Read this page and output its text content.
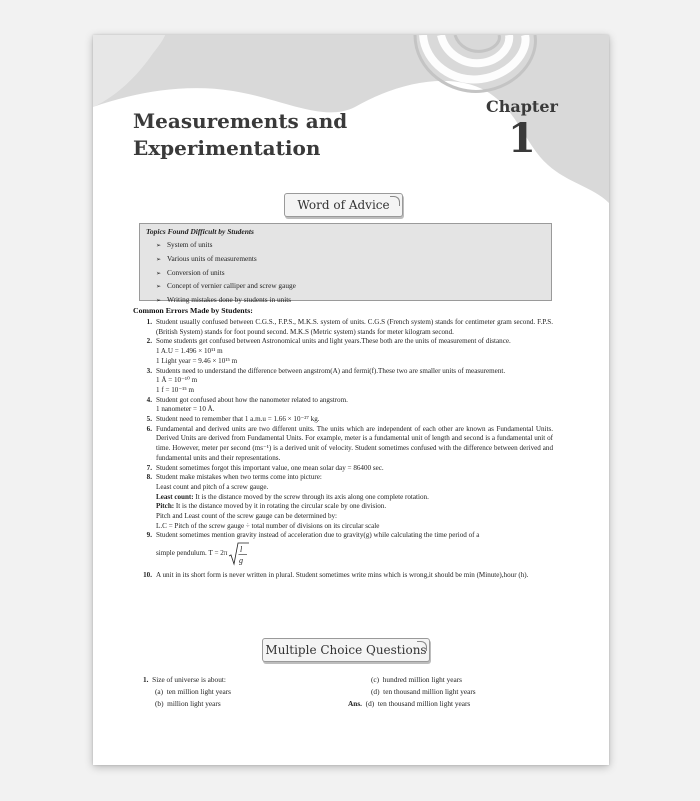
Measurements and Experimentation
Chapter
1
Word of Advice
Topics Found Difficult by Students
➢ System of units
➢ Various units of measurements
➢ Conversion of units
➢ Concept of vernier calliper and screw gauge
➢ Writing mistakes done by students in units
Common Errors Made by Students:
1. Student usually confused between C.G.S., F.P.S., M.K.S. system of units. C.G.S (French system) stands for centimeter gram second. F.P.S. (British System) stands for foot pound second. M.K.S (Metric system) stands for meter kilogram second.

2. Some students get confused between Astronomical units and light years.These both are the units of measurement of distance.

1 A.U = 1.496 × 10¹¹ m

1 Light year = 9.46 × 10¹⁵ m

3. Students need to understand the difference between angstrom(A) and fermi(f).These two are smaller units of measurement.

1 Å = 10⁻¹⁰ m

1 f = 10⁻¹⁵ m

4. Student got confused about how the nanometer related to angstrom.

1 nanometer = 10 Å.

5. Student need to remember that 1 a.m.u = 1.66 × 10⁻²⁷ kg.

6. Fundamental and derived units are two different units. The units which are independent of each other are known as Fundamental Units. Derived Units are derived from Fundamental Units. For example, meter is a fundamental unit of length and second is a fundamental unit of time. However, meter per second (ms⁻¹) is a derived unit of velocity. Student sometimes confused with the difference between derived and fundamental units and their representations.

7. Student sometimes forgot this important value, one mean solar day = 86400 sec.

8. Student make mistakes when two terms come into picture:

Least count and pitch of a screw gauge.

Least count: It is the distance moved by the screw through its axis along one complete rotation.

Pitch: It is the distance moved by it in rotating the circular scale by one division.

Pitch and Least count of the screw gauge can be determined by:

L.C = Pitch of the screw gauge ÷ total number of divisions on its circular scale

9. Student sometimes mention gravity instead of acceleration due to gravity(g) while calculating the time period of a

simple pendulum. T = 2π l
g

10. A unit in its short form is never written in plural. Student sometimes write mins which is wrong,it should be min (Minute),hour (h).

Multiple Choice Questions
1. Size of universe is about:
(a) ten million light years
(b) million light years
(c) hundred million light years
(d) ten thousand million light years
Ans. (d) ten thousand million light years
